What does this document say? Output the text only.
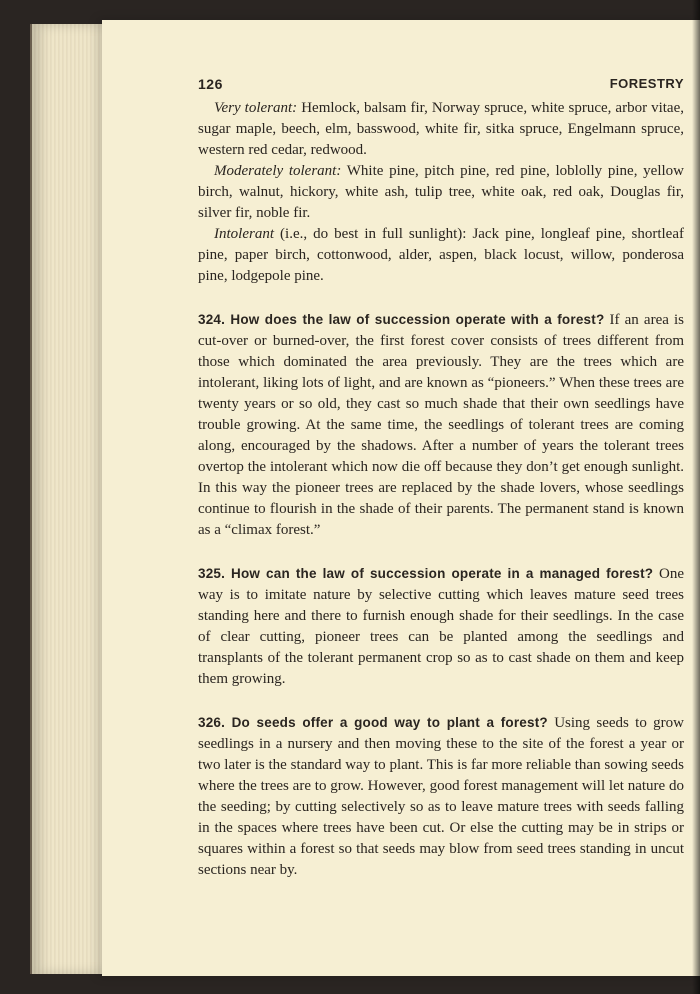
126	FORESTRY

Very tolerant: Hemlock, balsam fir, Norway spruce, white spruce, arbor vitae, sugar maple, beech, elm, basswood, white fir, sitka spruce, Engelmann spruce, western red cedar, redwood.

Moderately tolerant: White pine, pitch pine, red pine, loblolly pine, yellow birch, walnut, hickory, white ash, tulip tree, white oak, red oak, Douglas fir, silver fir, noble fir.

Intolerant (i.e., do best in full sunlight): Jack pine, longleaf pine, shortleaf pine, paper birch, cottonwood, alder, aspen, black locust, willow, ponderosa pine, lodgepole pine.

324. How does the law of succession operate with a forest? If an area is cut-over or burned-over, the first forest cover consists of trees different from those which dominated the area previously. They are the trees which are intolerant, liking lots of light, and are known as “pioneers.” When these trees are twenty years or so old, they cast so much shade that their own seedlings have trouble growing. At the same time, the seedlings of tolerant trees are coming along, encouraged by the shadows. After a number of years the tolerant trees overtop the intolerant which now die off because they don’t get enough sunlight. In this way the pioneer trees are replaced by the shade lovers, whose seedlings continue to flourish in the shade of their parents. The permanent stand is known as a “climax forest.”
325. How can the law of succession operate in a managed forest? One way is to imitate nature by selective cutting which leaves mature seed trees standing here and there to furnish enough shade for their seedlings. In the case of clear cutting, pioneer trees can be planted among the seedlings and transplants of the tolerant permanent crop so as to cast shade on them and keep them growing.
326. Do seeds offer a good way to plant a forest? Using seeds to grow seedlings in a nursery and then moving these to the site of the forest a year or two later is the standard way to plant. This is far more reliable than sowing seeds where the trees are to grow. However, good forest management will let nature do the seeding; by cutting selectively so as to leave mature trees with seeds falling in the spaces where trees have been cut. Or else the cutting may be in strips or squares within a forest so that seeds may blow from seed trees standing in uncut sections near by.
